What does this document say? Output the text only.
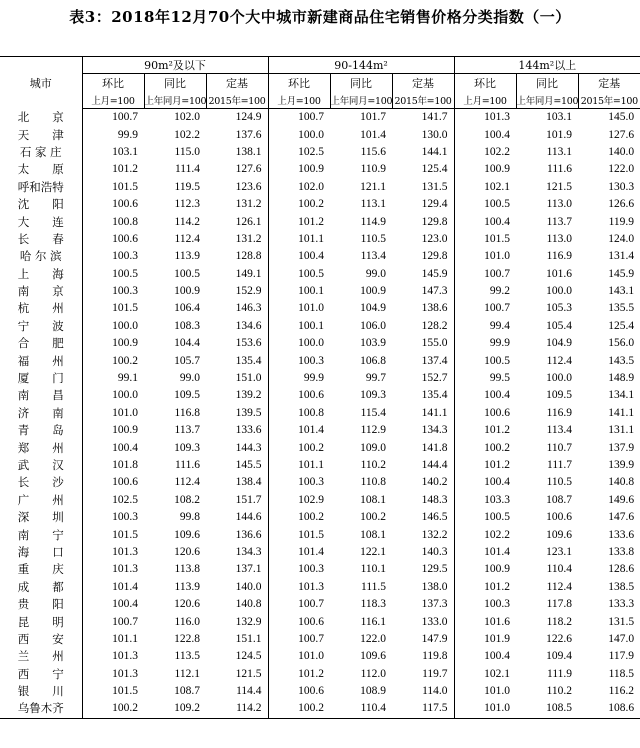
表3：2018年12月70个大中城市新建商品住宅销售价格分类指数（一）
城市	90m²及以下			90-144m²			144m²以上		
	环比	同比	定基	环比	同比	定基	环比	同比	定基
	上月=100	上年同月=100	2015年=100	上月=100	上年同月=100	2015年=100	上月=100	上年同月=100	2015年=100
北　　京	100.7	102.0	124.9	100.7	101.7	141.7	101.3	103.1	145.0
天　　津	99.9	102.2	137.6	100.0	101.4	130.0	100.4	101.9	127.6
石 家 庄	103.1	115.0	138.1	102.5	115.6	144.1	102.2	113.1	140.0
太　　原	101.2	111.4	127.6	100.9	110.9	125.4	100.9	111.6	122.0
呼和浩特	101.5	119.5	123.6	102.0	121.1	131.5	102.1	121.5	130.3
沈　　阳	100.6	112.3	131.2	100.2	113.1	129.4	100.5	113.0	126.6
大　　连	100.8	114.2	126.1	101.2	114.9	129.8	100.4	113.7	119.9
长　　春	100.6	112.4	131.2	101.1	110.5	123.0	101.5	113.0	124.0
哈 尔 滨	100.3	113.9	128.8	100.4	113.4	129.8	101.0	116.9	131.4
上　　海	100.5	100.5	149.1	100.5	99.0	145.9	100.7	101.6	145.9
南　　京	100.3	100.9	152.9	100.1	100.9	147.3	99.2	100.0	143.1
杭　　州	101.5	106.4	146.3	101.0	104.9	138.6	100.7	105.3	135.5
宁　　波	100.0	108.3	134.6	100.1	106.0	128.2	99.4	105.4	125.4
合　　肥	100.9	104.4	153.6	100.0	103.9	155.0	99.9	104.9	156.0
福　　州	100.2	105.7	135.4	100.3	106.8	137.4	100.5	112.4	143.5
厦　　门	99.1	99.0	151.0	99.9	99.7	152.7	99.5	100.0	148.9
南　　昌	100.0	109.5	139.2	100.6	109.3	135.4	100.4	109.5	134.1
济　　南	101.0	116.8	139.5	100.8	115.4	141.1	100.6	116.9	141.1
青　　岛	100.9	113.7	133.6	101.4	112.9	134.3	101.2	113.4	131.1
郑　　州	100.4	109.3	144.3	100.2	109.0	141.8	100.2	110.7	137.9
武　　汉	101.8	111.6	145.5	101.1	110.2	144.4	101.2	111.7	139.9
长　　沙	100.6	112.4	138.4	100.3	110.8	140.2	100.4	110.5	140.8
广　　州	102.5	108.2	151.7	102.9	108.1	148.3	103.3	108.7	149.6
深　　圳	100.3	99.8	144.6	100.2	100.2	146.5	100.5	100.6	147.6
南　　宁	101.5	109.6	136.6	101.5	108.1	132.2	102.2	109.6	133.6
海　　口	101.3	120.6	134.3	101.4	122.1	140.3	101.4	123.1	133.8
重　　庆	101.3	113.8	137.1	100.3	110.1	129.5	100.9	110.4	128.6
成　　都	101.4	113.9	140.0	101.3	111.5	138.0	101.2	112.4	138.5
贵　　阳	100.4	120.6	140.8	100.7	118.3	137.3	100.3	117.8	133.3
昆　　明	100.7	116.0	132.9	100.6	116.1	133.0	101.6	118.2	131.5
西　　安	101.1	122.8	151.1	100.7	122.0	147.9	101.9	122.6	147.0
兰　　州	101.3	113.5	124.5	101.0	109.6	119.8	100.4	109.4	117.9
西　　宁	101.3	112.1	121.5	101.2	112.0	119.7	102.1	111.9	118.5
银　　川	101.5	108.7	114.4	100.6	108.9	114.0	101.0	110.2	116.2
乌鲁木齐	100.2	109.2	114.2	100.2	110.4	117.5	101.0	108.5	108.6
